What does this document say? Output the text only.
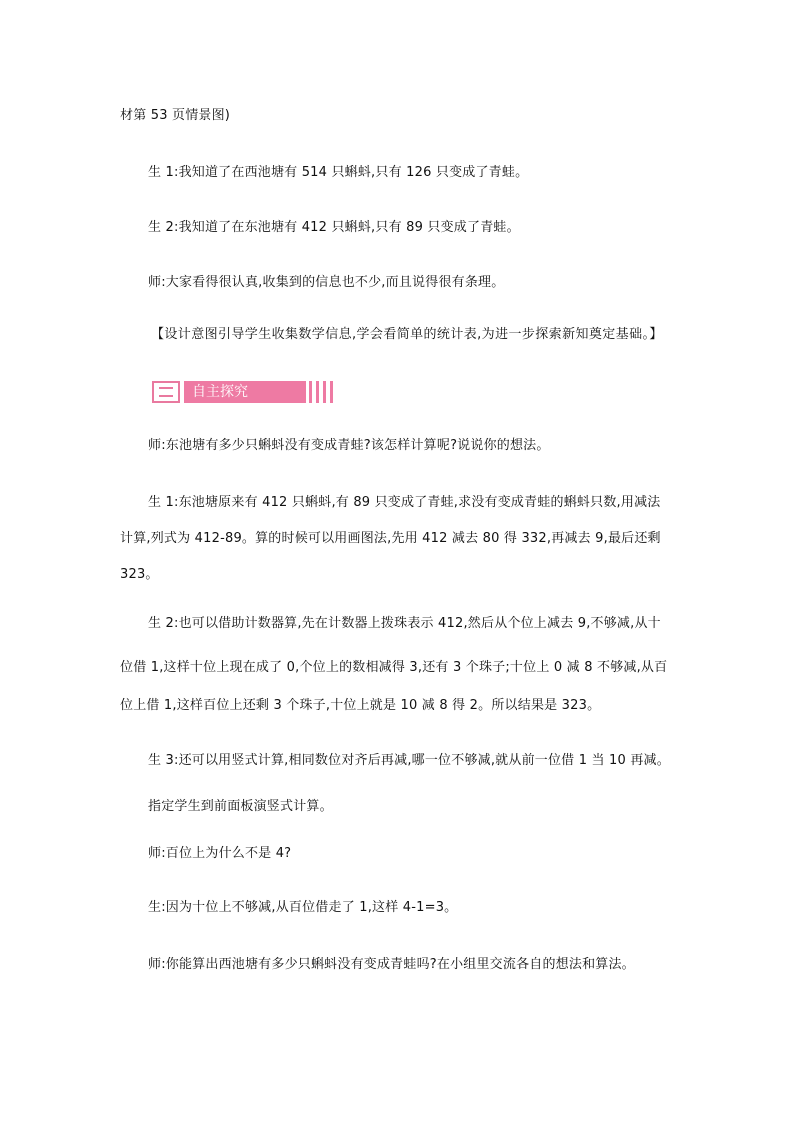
材第 53 页情景图)
生 1:我知道了在西池塘有 514 只蝌蚪,只有 126 只变成了青蛙。
生 2:我知道了在东池塘有 412 只蝌蚪,只有 89 只变成了青蛙。
师:大家看得很认真,收集到的信息也不少,而且说得很有条理。
【设计意图引导学生收集数学信息,学会看简单的统计表,为进一步探索新知奠定基础。】
自主探究
师:东池塘有多少只蝌蚪没有变成青蛙?该怎样计算呢?说说你的想法。
生 1:东池塘原来有 412 只蝌蚪,有 89 只变成了青蛙,求没有变成青蛙的蝌蚪只数,用减法
计算,列式为 412-89。算的时候可以用画图法,先用 412 减去 80 得 332,再减去 9,最后还剩
323。
生 2:也可以借助计数器算,先在计数器上拨珠表示 412,然后从个位上减去 9,不够减,从十
位借 1,这样十位上现在成了 0,个位上的数相减得 3,还有 3 个珠子;十位上 0 减 8 不够减,从百
位上借 1,这样百位上还剩 3 个珠子,十位上就是 10 减 8 得 2。所以结果是 323。
生 3:还可以用竖式计算,相同数位对齐后再减,哪一位不够减,就从前一位借 1 当 10 再减。
指定学生到前面板演竖式计算。
师:百位上为什么不是 4?
生:因为十位上不够减,从百位借走了 1,这样 4-1=3。
师:你能算出西池塘有多少只蝌蚪没有变成青蛙吗?在小组里交流各自的想法和算法。
